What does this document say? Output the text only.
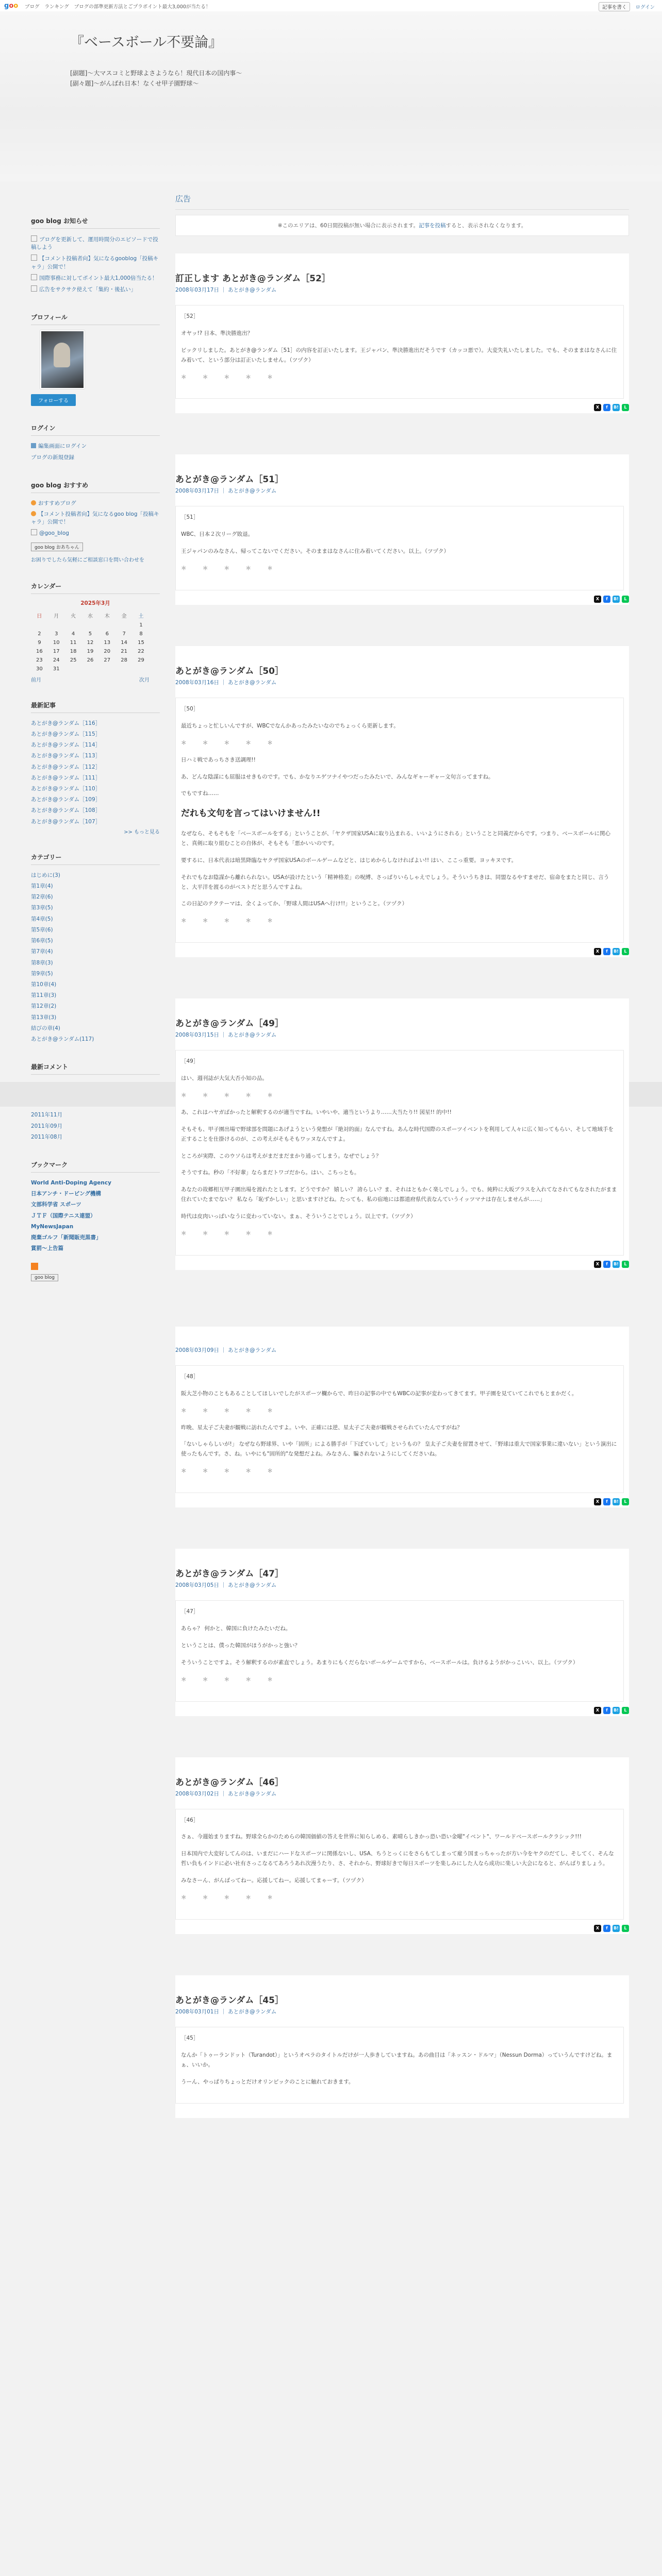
goo ブログ ランキング ブログの部準更新方法とごプラポイント最大3,000が当たる！	記事を書く	ログイン
『ベースボール不要論』
[副題]〜大マスコミと野球よさようなら！現代日本の国内事〜
[副々題]〜がんばれ日本！なくせ甲子園野球〜
goo blog お知らせ
ブログを更新して、運用時間分のエピソードで投稿しよう
【コメント投稿者向】気になるgooblog「投稿キャラ」公開で！
国際事務に対してポイント最大1,000倍当たる！
広告をサクサク使えて「集約・後払い」
プロフィール
フォローする
ログイン
編集画面にログイン
ブログの新規登録
goo blog おすすめ
おすすめブログ
【コメント投稿者向】気になるgoo blog「投稿キャラ」公開で！
@goo_blog
goo blog おあちゃん
お困りでしたら気軽にご相談窓口を問い合わせを
カレンダー
2025年3月
日	月	火	水	木	金	土
						1
2	3	4	5	6	7	8
9	10	11	12	13	14	15
16	17	18	19	20	21	22
23	24	25	26	27	28	29
30	31					
前月	次月
最新記事
あとがき@ランダム［116］
あとがき@ランダム［115］
あとがき@ランダム［114］
あとがき@ランダム［113］
あとがき@ランダム［112］
あとがき@ランダム［111］
あとがき@ランダム［110］
あとがき@ランダム［109］
あとがき@ランダム［108］
あとがき@ランダム［107］
>> もっと見る
カテゴリー
はじめに(3)
第1章(4)
第2章(6)
第3章(5)
第4章(5)
第5章(6)
第6章(5)
第7章(4)
第8章(3)
第9章(5)
第10章(4)
第11章(3)
第12章(2)
第13章(3)
結びの章(4)
あとがき@ランダム(117)
最新コメント
2011年11月
2011年09月
2011年08月
ブックマーク
World Anti-Doping Agency
日本アンチ・ドーピング機構
文部科学省 スポーツ
ＪＴＦ（国際テニス連盟）
MyNewsJapan
廃棄ゴルフ「新聞販売黒書」
賞罰～上告篇

goo blog
広告
※このエリアは、60日間投稿が無い場合に表示されます。記事を投稿すると、表示されなくなります。
訂正します あとがき@ランダム［52］
2008年03月17日 ｜ あとがき@ランダム

［52］

オヤッ!? 日本、準決勝進出？

ビックリしました。あとがき@ランダム［51］の内容を訂正いたします。王ジャパン、準決勝進出だそうです（カッコ悪で）。大変失礼いたしました。でも、そのままはなさんに住み着いて、という部分は訂正いたしません。（ツヅク）

＊ ＊ ＊ ＊ ＊

X	f	B!	L
あとがき@ランダム［51］
2008年03月17日 ｜ あとがき@ランダム

［51］

WBC、日本２次リーグ敗退。

王ジャパンのみなさん、帰ってこないでください。そのままはなさんに住み着いてください。以上。（ツヅク）

＊ ＊ ＊ ＊ ＊

X	f	B!	L
あとがき@ランダム［50］
2008年03月16日 ｜ あとがき@ランダム

［50］

最近ちょっと忙しいんですが、WBCでなんかあったみたいなのでちょっくら更新します。

＊ ＊ ＊ ＊ ＊

日ハミ戦であっちさき送調理!!

あ、どんな陰謀にも屈服はせきものです。でも、かなりエゲツナイやつだったみたいで、みんなギャーギャー文句言ってますね。

でもですね……

だれも文句を言ってはいけません!!

なぜなら、そもそもを「ベースボールをする」ということが、「ヤクザ国家USAに取り込まれる、いいようにされる」ということと同義だからです。つまり、ベースボールに関心と、真剣に取り組むことの自体が、そもそも「悪かいいのです。

要するに、日本代表は暗黒降臨なヤクザ国家USAのボールゲームなどと、はじめからしなければよい!! はい、ここっ重要。ヨッキヌです。

それでもなお陰謀から離れられない。USAが設けたという「精神格差」の呪縛、さっぱりいらしゃえでしょう。そういうちきは、同盟なるやすませだ、宿命をまたと同じ、言うと、大平洋を渡るのがベストだと思うんですよね。

この日記のテクテーマは、全くよってか、「野球人間はUSAへ行け!!」ということ。（ツヅク）

＊ ＊ ＊ ＊ ＊

X	f	B!	L
あとがき@ランダム［49］
2008年03月15日 ｜ あとがき@ランダム

［49］

はい、週刊誌が大気大否小知の品。

＊ ＊ ＊ ＊ ＊

あ、これはハヤガばかったと解釈するのが適当ですね。いやいや、適当というより……大当たり!! 図星!! 的中!!

そもそも、甲子園出場で野球部を問題にあげようという発想が『絶対的面』なんですね。あんな時代国際のスポーツイベントを利用して人々に広く知ってもらい、そして地域手を正することを仕掛けるのが、この考えがそもそもワッヌなんですよ。

ところが実際、このウソらは考えがまだまだまかり通ってしまう。なぜでしょう？

そうですね。秒の「不好輩」ならまだトワゴだから。はい、こちっとも。

あなたの故郷相互甲子園出場を渡れたとします。どうですか？ 嬉しい？ 誇らしい？ま、それはともかく楽しでしょう。でも、純粋に大坂ブラスを入れてなされてもなされたがまま住れていたまでない？ 私なら「恥ずかしい」と思いますけどね。たっても、私の宿地には都道府県代表なんていうイッツマナは存在しませんが……」

時代は皮肉いっぱいなうに変わっていない。まぁ、そういうことでしょう。以上です。（ツヅク）

＊ ＊ ＊ ＊ ＊

X	f	B!	L
2008年03月09日 ｜ あとがき@ランダム

［48］

阪大芝小物のこともあることしてほしいでしたがスポーツ欄からで、昨日の記事の中でもWBCの記事が変わってきてます。甲子園を見ていてこれでもとまかだく。

＊ ＊ ＊ ＊ ＊

昨晩、星太子ご夫妻が観戦に訪れたんですよ。いや、正確には逆、星太子ご夫妻が観戦させられていたんですがね？

「ないしゃらしいが!」 なぜなら野球界、いや「固所」による勝手が「下ぼていして」というもの？ 皇太子ご夫妻を留置させて、「野球は重大で国家事業に違いない」という演出に使ったもんです。さ、ね。いやにも"固所的"な発想だよね。みなさん、騙されないようにしてくださいね。

＊ ＊ ＊ ＊ ＊

X	f	B!	L
あとがき@ランダム［47］
2008年03月05日 ｜ あとがき@ランダム

［47］

あらゃ？ 何かと、韓国に負けたみたいだね。

ということは、僕った韓国がほうがかっと強い？

そういうことですよ。そう解釈するのが素直でしょう。あまりにもくだらないボールゲームですから、ベースボールは。負けるようがかっこいい、以上。（ツヅク）

＊ ＊ ＊ ＊ ＊

X	f	B!	L
あとがき@ランダム［46］
2008年03月02日 ｜ あとがき@ランダム

［46］

さぁ、今週始まりますね。野球全らかのためらの韓国価値の答えを世界に知らしめる、素晴らしきかっ恐い恐い金曜"イベント"、ワールドベースボールクラシック!!!

日本国内で大変好してんのは、いまだにハードなスポーツに関係ないし、USA、ちうとっくにをさらもてしまって雇う国まっちゃったが方い今をヤクのだてし、そしてく、そんな哲い負もインドに必い社有さっこなるてあろうあれ次漫うたり、さ、それから、野球好きで毎日スポーツを楽しみにした人なら成功に楽しい大会になると、がんばりましょう。

みなさーん、がんばってねー。応援してねー。応援してまゃーす。（ツヅク）

＊ ＊ ＊ ＊ ＊

X	f	B!	L
あとがき@ランダム［45］
2008年03月01日 ｜ あとがき@ランダム

［45］

なんか「トゥーランドット（Turandot）」というオペラのタイトルだけが一人歩きしていますね。あの曲目は「ネッスン・ドルマ」（Nessun Dorma）っていうんですけどね。まぁ、いいか。

うーん、やっぱりちょっとだけオリンピックのことに触れておきます。
